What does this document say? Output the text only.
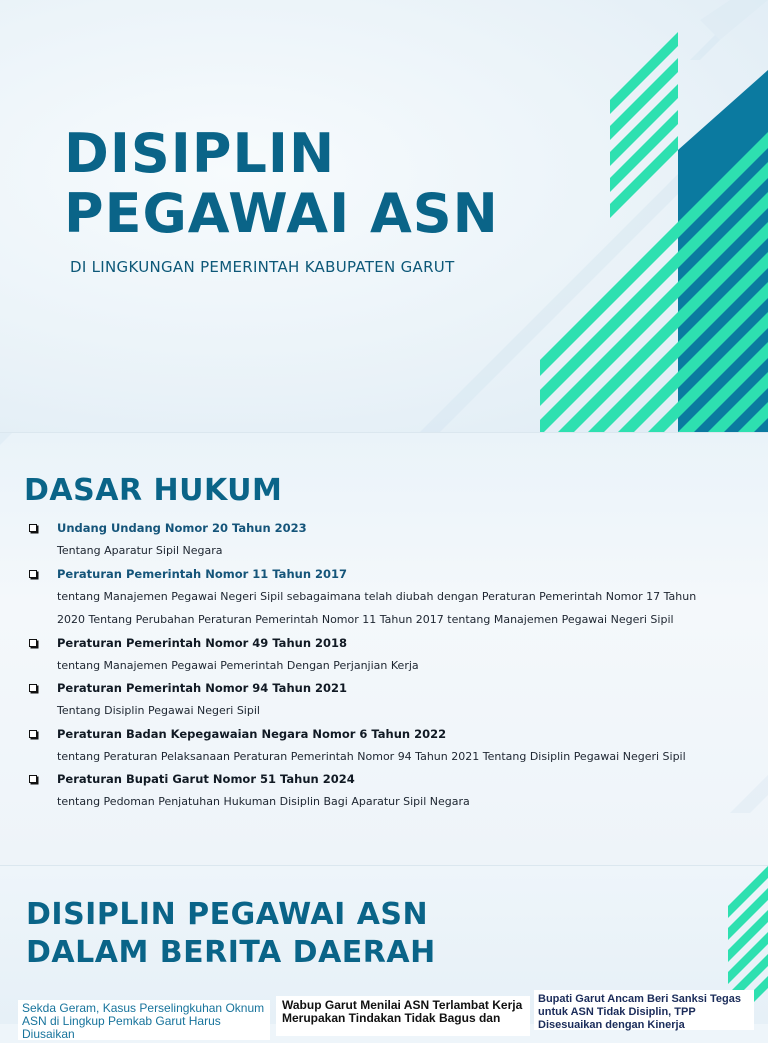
DISIPLIN
PEGAWAI ASN
DI LINGKUNGAN PEMERINTAH KABUPATEN GARUT
DASAR HUKUM
Undang Undang Nomor 20 Tahun 2023
Tentang Aparatur Sipil Negara
Peraturan Pemerintah Nomor 11 Tahun 2017
tentang Manajemen Pegawai Negeri Sipil sebagaimana telah diubah dengan Peraturan Pemerintah Nomor 17 Tahun 2020 Tentang Perubahan Peraturan Pemerintah Nomor 11 Tahun 2017 tentang Manajemen Pegawai Negeri Sipil
Peraturan Pemerintah Nomor 49 Tahun 2018
tentang Manajemen Pegawai Pemerintah Dengan Perjanjian Kerja
Peraturan Pemerintah Nomor 94 Tahun 2021
Tentang Disiplin Pegawai Negeri Sipil
Peraturan Badan Kepegawaian Negara Nomor 6 Tahun 2022
tentang Peraturan Pelaksanaan Peraturan Pemerintah Nomor 94 Tahun 2021 Tentang Disiplin Pegawai Negeri Sipil
Peraturan Bupati Garut Nomor 51 Tahun 2024
tentang Pedoman Penjatuhan Hukuman Disiplin Bagi Aparatur Sipil Negara
DISIPLIN PEGAWAI ASN
DALAM BERITA DAERAH
Sekda Geram, Kasus Perselingkuhan Oknum ASN di Lingkup Pemkab Garut Harus Diusaikan
Wabup Garut Menilai ASN Terlambat Kerja Merupakan Tindakan Tidak Bagus dan
Bupati Garut Ancam Beri Sanksi Tegas untuk ASN Tidak Disiplin, TPP Disesuaikan dengan Kinerja
